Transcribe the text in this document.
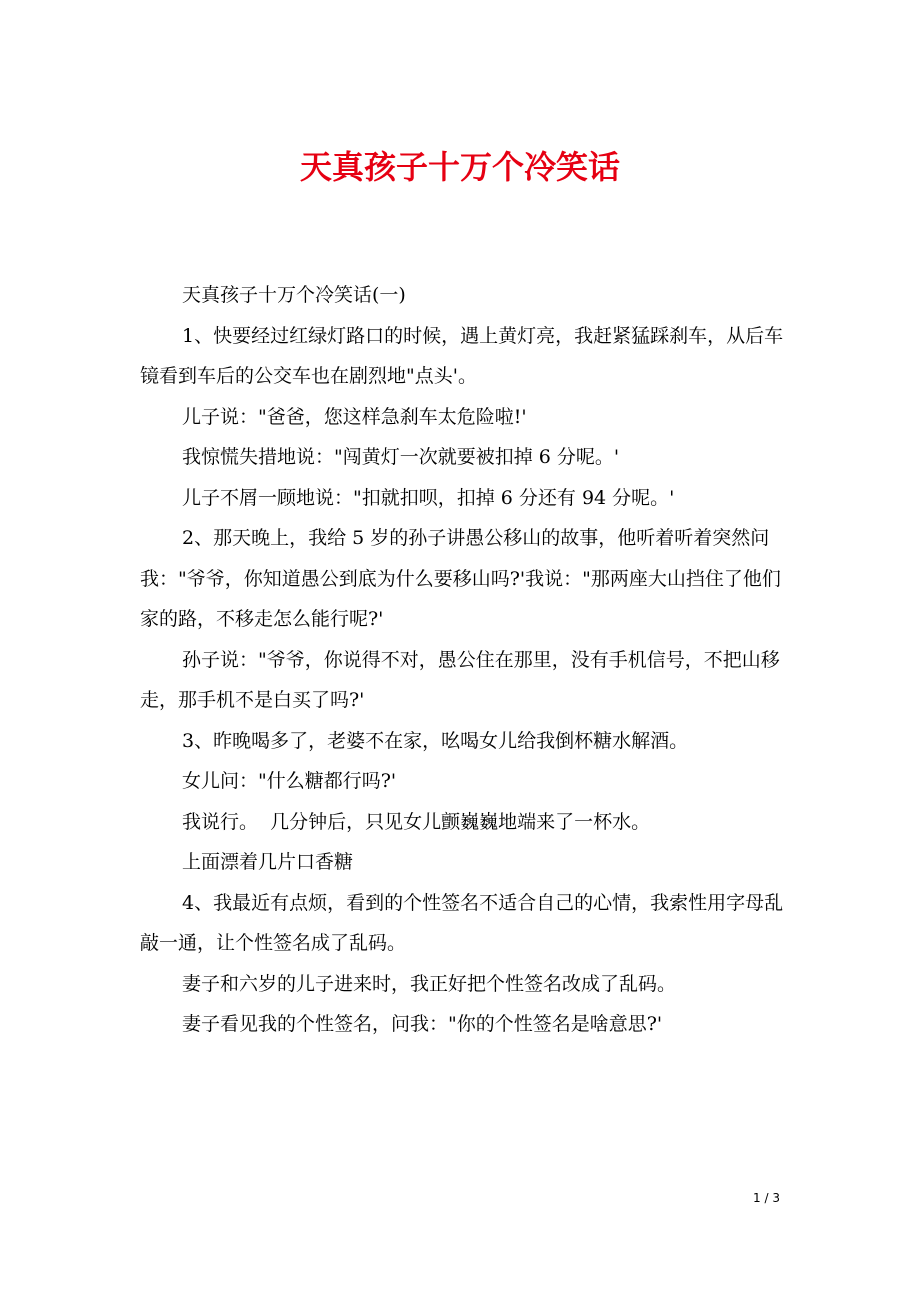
天真孩子十万个冷笑话

天真孩子十万个冷笑话(一)

1、快要经过红绿灯路口的时候，遇上黄灯亮，我赶紧猛踩刹车，从后车镜看到车后的公交车也在剧烈地"点头'。

儿子说："爸爸，您这样急刹车太危险啦!'

我惊慌失措地说："闯黄灯一次就要被扣掉 6 分呢。'

儿子不屑一顾地说："扣就扣呗，扣掉 6 分还有 94 分呢。'

2、那天晚上，我给 5 岁的孙子讲愚公移山的故事，他听着听着突然问我："爷爷，你知道愚公到底为什么要移山吗?'我说："那两座大山挡住了他们家的路，不移走怎么能行呢?'

孙子说："爷爷，你说得不对，愚公住在那里，没有手机信号，不把山移走，那手机不是白买了吗?'

3、昨晚喝多了，老婆不在家，吆喝女儿给我倒杯糖水解酒。

女儿问："什么糖都行吗?'

我说行。  几分钟后，只见女儿颤巍巍地端来了一杯水。

上面漂着几片口香糖

4、我最近有点烦，看到的个性签名不适合自己的心情，我索性用字母乱敲一通，让个性签名成了乱码。

妻子和六岁的儿子进来时，我正好把个性签名改成了乱码。

妻子看见我的个性签名，问我："你的个性签名是啥意思?'

1 / 3
